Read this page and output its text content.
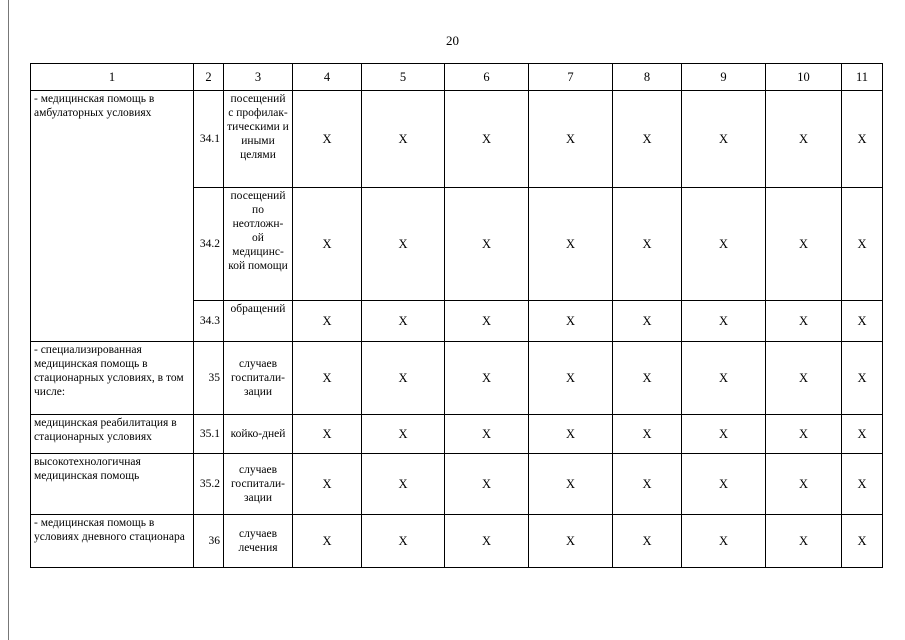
20
1	2	3	4	5	6	7	8	9	10	11
- медицинская помощь в амбулаторных условиях	34.1	посещений с профилак-тическими и иными целями	Х	Х	Х	Х	Х	Х	Х	Х
	34.2	посещений по неотложн-ой медицинс-кой помощи	Х	Х	Х	Х	Х	Х	Х	Х
	34.3	обращений	Х	Х	Х	Х	Х	Х	Х	Х
- специализированная медицинская помощь в стационарных условиях, в том числе:	35	случаев госпитали-зации	Х	Х	Х	Х	Х	Х	Х	Х
медицинская реабилитация в стационарных условиях	35.1	койко-дней	Х	Х	Х	Х	Х	Х	Х	Х
высокотехнологичная медицинская помощь	35.2	случаев госпитали-зации	Х	Х	Х	Х	Х	Х	Х	Х
- медицинская помощь в условиях дневного стационара	36	случаев лечения	Х	Х	Х	Х	Х	Х	Х	Х
